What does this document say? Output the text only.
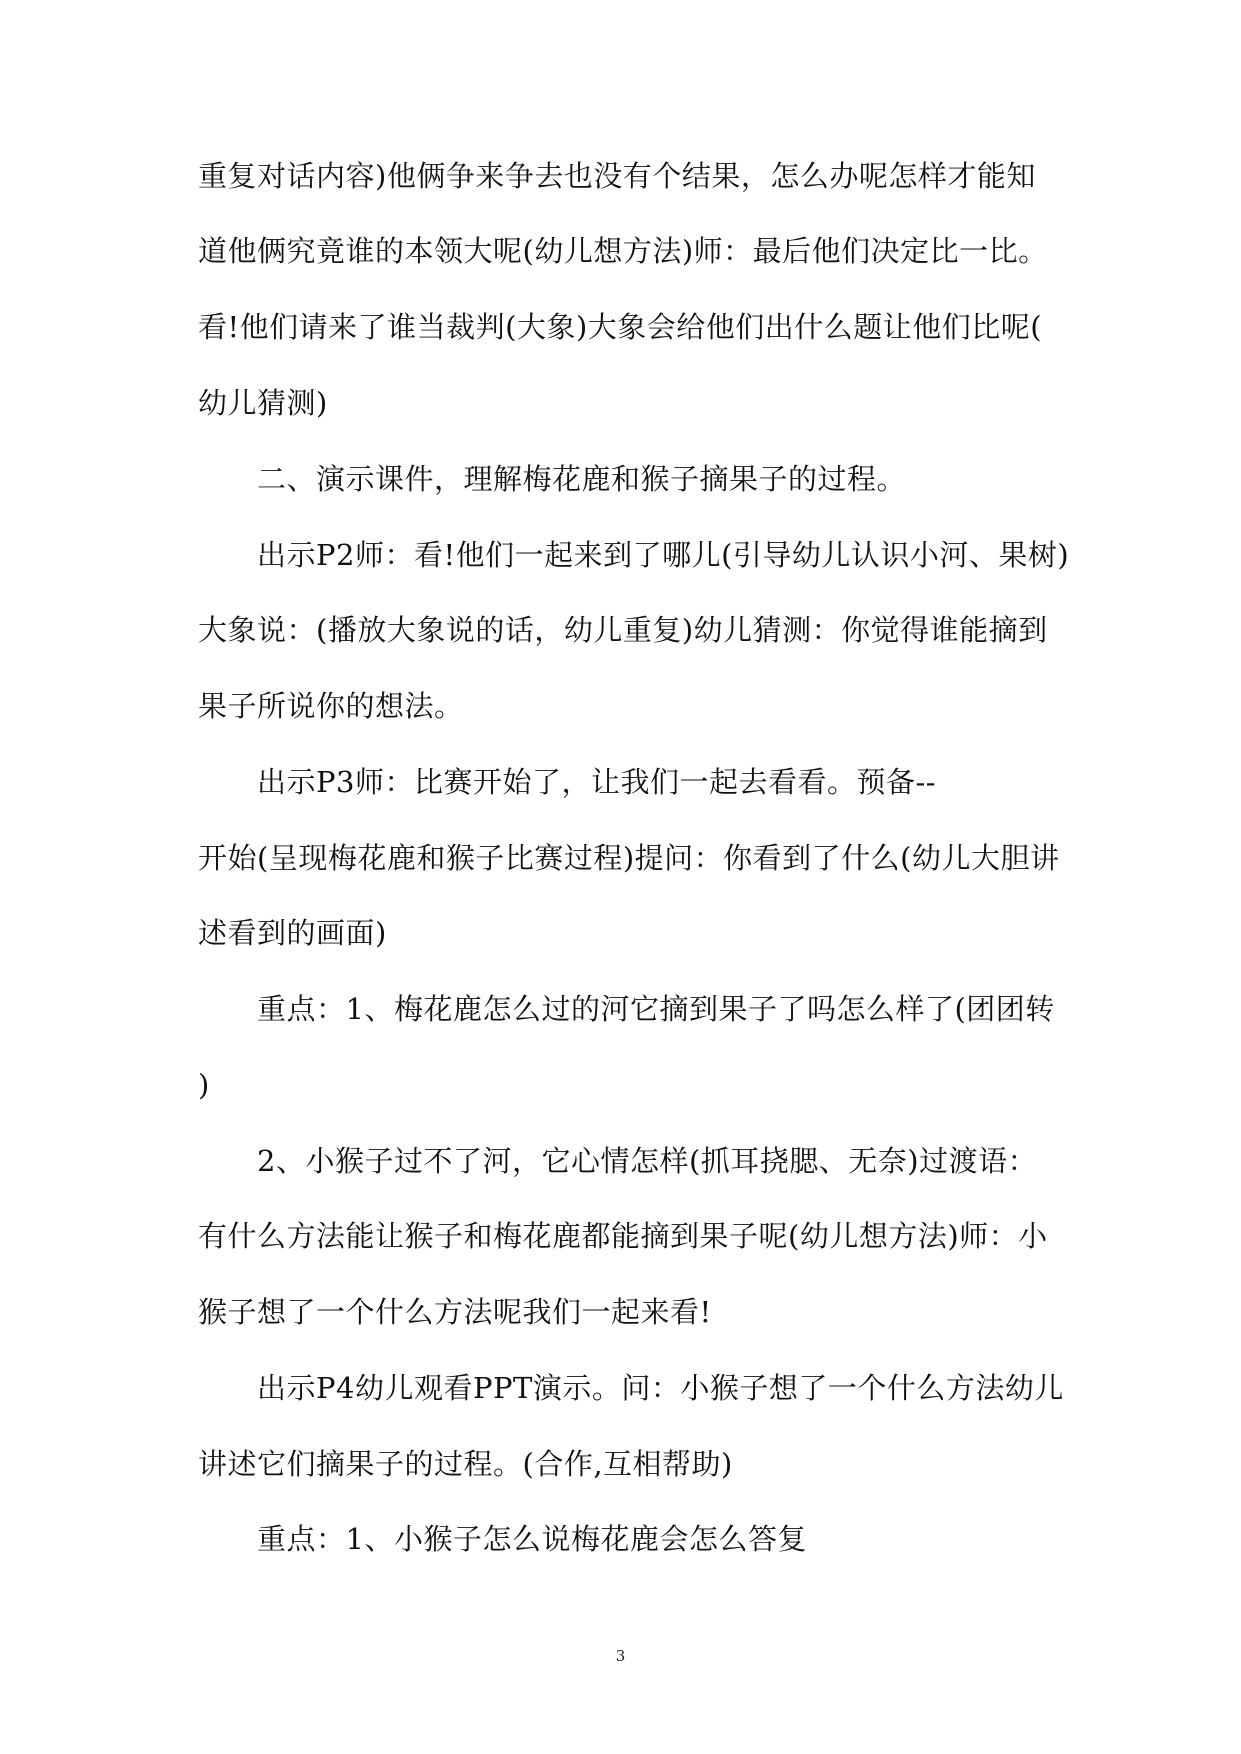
重复对话内容)他俩争来争去也没有个结果，怎么办呢怎样才能知
道他俩究竟谁的本领大呢(幼儿想方法)师：最后他们决定比一比。
看!他们请来了谁当裁判(大象)大象会给他们出什么题让他们比呢(
幼儿猜测)
二、演示课件，理解梅花鹿和猴子摘果子的过程。
出示P2师：看!他们一起来到了哪儿(引导幼儿认识小河、果树)
大象说：(播放大象说的话，幼儿重复)幼儿猜测：你觉得谁能摘到
果子所说你的想法。
出示P3师：比赛开始了，让我们一起去看看。预备--
开始(呈现梅花鹿和猴子比赛过程)提问：你看到了什么(幼儿大胆讲
述看到的画面)
重点：1、梅花鹿怎么过的河它摘到果子了吗怎么样了(团团转
)
2、小猴子过不了河，它心情怎样(抓耳挠腮、无奈)过渡语：
有什么方法能让猴子和梅花鹿都能摘到果子呢(幼儿想方法)师：小
猴子想了一个什么方法呢我们一起来看!
出示P4幼儿观看PPT演示。问：小猴子想了一个什么方法幼儿
讲述它们摘果子的过程。(合作,互相帮助)
重点：1、小猴子怎么说梅花鹿会怎么答复
3
